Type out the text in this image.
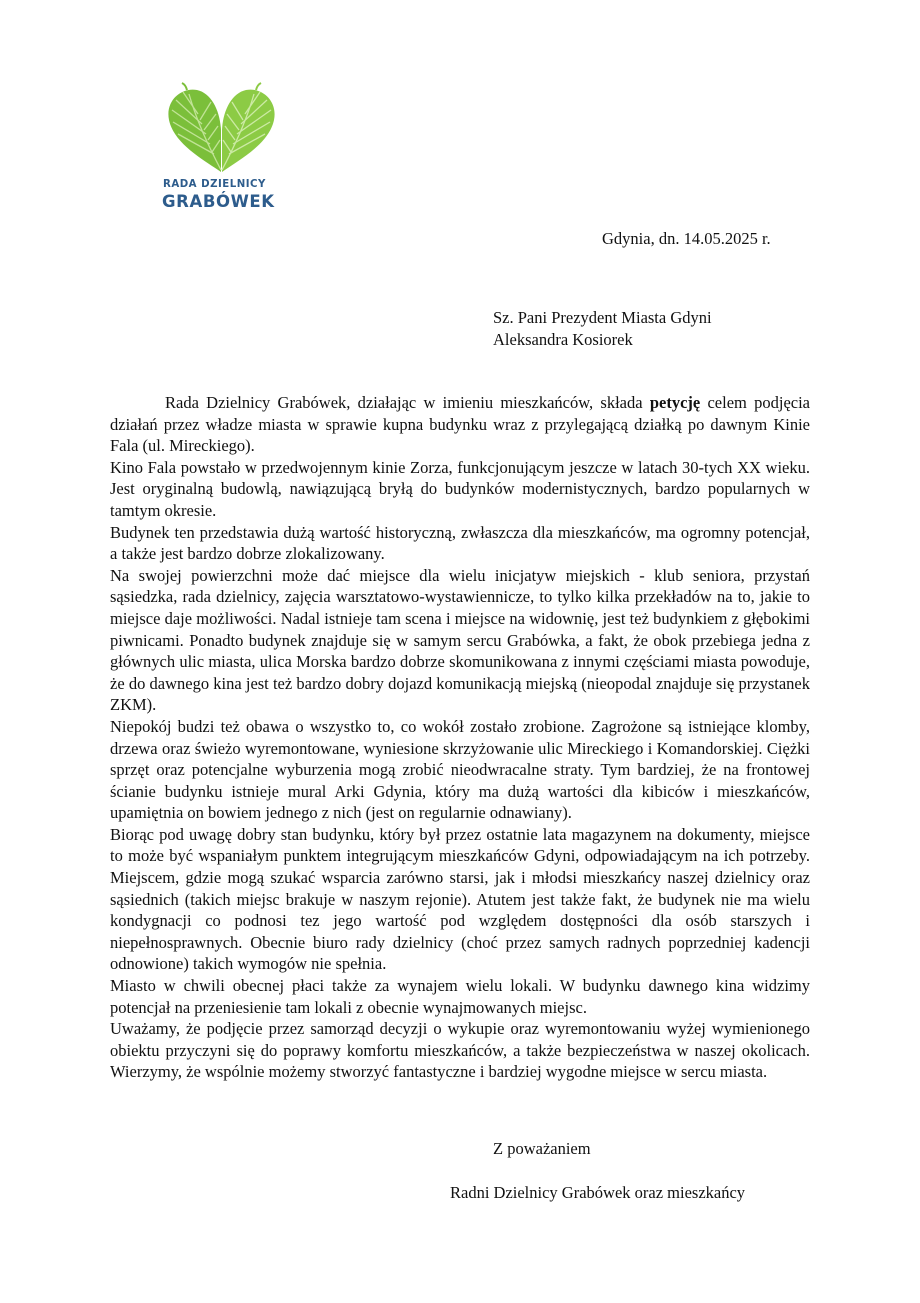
RADA DZIELNICY
GRABÓWEK
Gdynia, dn. 14.05.2025 r.
Sz. Pani Prezydent Miasta Gdyni
Aleksandra Kosiorek

Rada Dzielnicy Grabówek, działając w imieniu mieszkańców, składa petycję celem podjęcia działań przez władze miasta w sprawie kupna budynku wraz z przylegającą działką po dawnym Kinie Fala (ul. Mireckiego).

Kino Fala powstało w przedwojennym kinie Zorza, funkcjonującym jeszcze w latach 30-tych XX wieku. Jest oryginalną budowlą, nawiązującą bryłą do budynków modernistycznych, bardzo popularnych w tamtym okresie.

Budynek ten przedstawia dużą wartość historyczną, zwłaszcza dla mieszkańców, ma ogromny potencjał, a także jest bardzo dobrze zlokalizowany.

Na swojej powierzchni może dać miejsce dla wielu inicjatyw miejskich - klub seniora, przystań sąsiedzka, rada dzielnicy, zajęcia warsztatowo-wystawiennicze, to tylko kilka przekładów na to, jakie to miejsce daje możliwości. Nadal istnieje tam scena i miejsce na widownię, jest też budynkiem z głębokimi piwnicami. Ponadto budynek znajduje się w samym sercu Grabówka, a fakt, że obok przebiega jedna z głównych ulic miasta, ulica Morska bardzo dobrze skomunikowana z innymi częściami miasta powoduje, że do dawnego kina jest też bardzo dobry dojazd komunikacją miejską (nieopodal znajduje się przystanek ZKM).

Niepokój budzi też obawa o wszystko to, co wokół zostało zrobione. Zagrożone są istniejące klomby, drzewa oraz świeżo wyremontowane, wyniesione skrzyżowanie ulic Mireckiego i Komandorskiej. Ciężki sprzęt oraz potencjalne wyburzenia mogą zrobić nieodwracalne straty. Tym bardziej, że na frontowej ścianie budynku istnieje mural Arki Gdynia, który ma dużą wartości dla kibiców i mieszkańców, upamiętnia on bowiem jednego z nich (jest on regularnie odnawiany).

Biorąc pod uwagę dobry stan budynku, który był przez ostatnie lata magazynem na dokumenty, miejsce to może być wspaniałym punktem integrującym mieszkańców Gdyni, odpowiadającym na ich potrzeby. Miejscem, gdzie mogą szukać wsparcia zarówno starsi, jak i młodsi mieszkańcy naszej dzielnicy oraz sąsiednich (takich miejsc brakuje w naszym rejonie). Atutem jest także fakt, że budynek nie ma wielu kondygnacji co podnosi tez jego wartość pod względem dostępności dla osób starszych i niepełnosprawnych. Obecnie biuro rady dzielnicy (choć przez samych radnych poprzedniej kadencji odnowione) takich wymogów nie spełnia.

Miasto w chwili obecnej płaci także za wynajem wielu lokali. W budynku dawnego kina widzimy potencjał na przeniesienie tam lokali z obecnie wynajmowanych miejsc.

Uważamy, że podjęcie przez samorząd decyzji o wykupie oraz wyremontowaniu wyżej wymienionego obiektu przyczyni się do poprawy komfortu mieszkańców, a także bezpieczeństwa w naszej okolicach. Wierzymy, że wspólnie możemy stworzyć fantastyczne i bardziej wygodne miejsce w sercu miasta.

Z poważaniem
Radni Dzielnicy Grabówek oraz mieszkańcy
